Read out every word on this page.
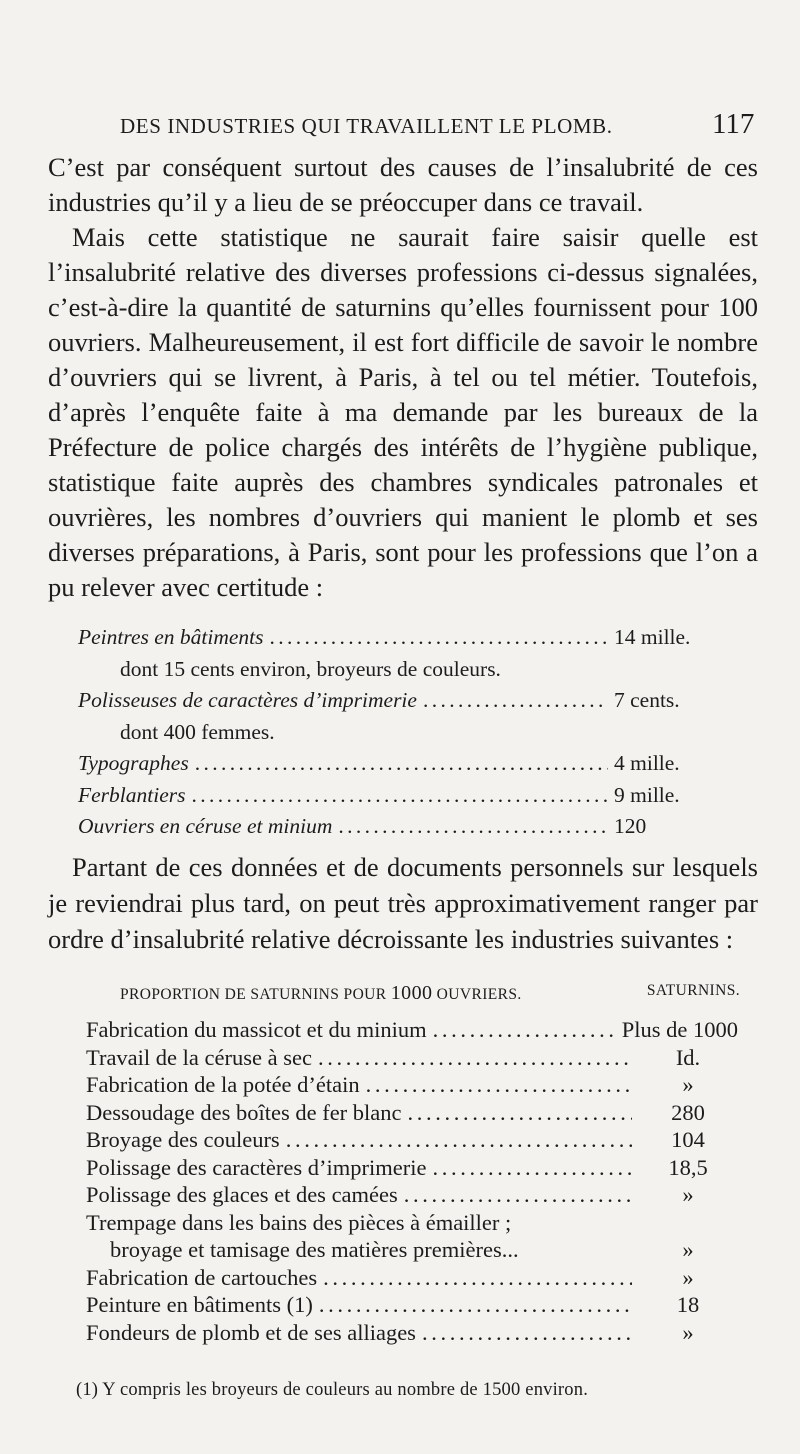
DES INDUSTRIES QUI TRAVAILLENT LE PLOMB.	117

C’est par conséquent surtout des causes de l’insalubrité de ces industries qu’il y a lieu de se préoccuper dans ce travail.

Mais cette statistique ne saurait faire saisir quelle est l’insalubrité relative des diverses professions ci-dessus signalées, c’est-à-dire la quantité de saturnins qu’elles fournissent pour 100 ouvriers. Malheureusement, il est fort difficile de savoir le nombre d’ouvriers qui se livrent, à Paris, à tel ou tel métier. Toutefois, d’après l’enquête faite à ma demande par les bureaux de la Préfecture de police chargés des intérêts de l’hygiène publique, statistique faite auprès des chambres syndicales patronales et ouvrières, les nombres d’ouvriers qui manient le plomb et ses diverses préparations, à Paris, sont pour les professions que l’on a pu relever avec certitude :

Peintres en bâtiments . . .	14 mille.
dont 15 cents environ, broyeurs de couleurs.
Polisseuses de caractères d’imprimerie . . .	7 cents.
dont 400 femmes.
Typographes . . .	4 mille.
Ferblantiers . . .	9 mille.
Ouvriers en céruse et minium . . .	120

Partant de ces données et de documents personnels sur lesquels je reviendrai plus tard, on peut très approximativement ranger par ordre d’insalubrité relative décroissante les industries suivantes :

PROPORTION DE SATURNINS POUR 1000 OUVRIERS.	SATURNINS.
Fabrication du massicot et du minium . . .	Plus de 1000
Travail de la céruse à sec . . .	Id.
Fabrication de la potée d’étain . . .	»
Dessoudage des boîtes de fer blanc . . .	280
Broyage des couleurs . . .	104
Polissage des caractères d’imprimerie . . .	18,5
Polissage des glaces et des camées . . .	»
Trempage dans les bains des pièces à émailler ;
broyage et tamisage des matières premières...	»
Fabrication de cartouches . . .	»
Peinture en bâtiments (1) . . .	18
Fondeurs de plomb et de ses alliages . . .	»
(1) Y compris les broyeurs de couleurs au nombre de 1500 environ.
